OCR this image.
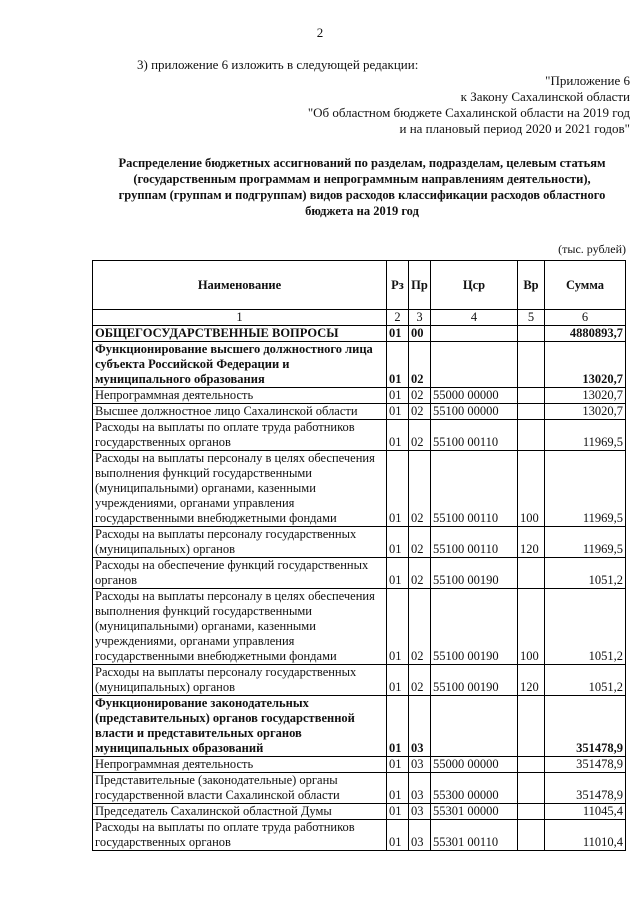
2
3) приложение 6 изложить в следующей редакции:
"Приложение 6
к Закону Сахалинской области
"Об областном бюджете Сахалинской области на 2019 год
и на плановый период 2020 и 2021 годов"
Распределение бюджетных ассигнований по разделам, подразделам, целевым статьям
(государственным программам и непрограммным направлениям деятельности),
группам (группам и подгруппам) видов расходов классификации расходов областного
бюджета на 2019 год
(тыс. рублей)
Наименование	Рз	Пр	Цср	Вр	Сумма
1	2	3	4	5	6
ОБЩЕГОСУДАРСТВЕННЫЕ ВОПРОСЫ	01	00			4880893,7
Функционирование высшего должностного лица субъекта Российской Федерации и муниципального образования	01	02			13020,7
Непрограммная деятельность	01	02	55000 00000		13020,7
Высшее должностное лицо Сахалинской области	01	02	55100 00000		13020,7
Расходы на выплаты по оплате труда работников государственных органов	01	02	55100 00110		11969,5
Расходы на выплаты персоналу в целях обеспечения выполнения функций государственными (муниципальными) органами, казенными учреждениями, органами управления государственными внебюджетными фондами	01	02	55100 00110	100	11969,5
Расходы на выплаты персоналу государственных (муниципальных) органов	01	02	55100 00110	120	11969,5
Расходы на обеспечение функций государственных органов	01	02	55100 00190		1051,2
Расходы на выплаты персоналу в целях обеспечения выполнения функций государственными (муниципальными) органами, казенными учреждениями, органами управления государственными внебюджетными фондами	01	02	55100 00190	100	1051,2
Расходы на выплаты персоналу государственных (муниципальных) органов	01	02	55100 00190	120	1051,2
Функционирование законодательных (представительных) органов государственной власти и представительных органов муниципальных образований	01	03			351478,9
Непрограммная деятельность	01	03	55000 00000		351478,9
Представительные (законодательные) органы государственной власти Сахалинской области	01	03	55300 00000		351478,9
Председатель Сахалинской областной Думы	01	03	55301 00000		11045,4
Расходы на выплаты по оплате труда работников государственных органов	01	03	55301 00110		11010,4
